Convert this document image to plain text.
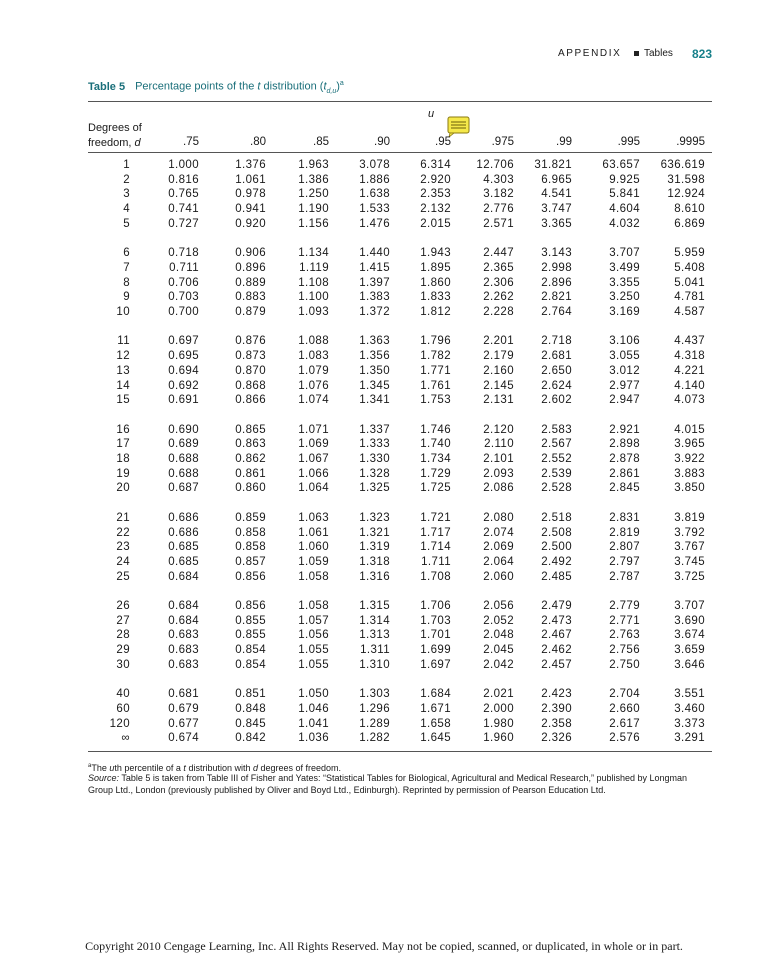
APPENDIX Tables 823
Table 5 Percentage points of the t distribution $(t_{d,u})^a$
u
Degrees of
freedom, d	.75	.80	.85	.90	.95	.975	.99	.995	.9995
1	1.000	1.376	1.963	3.078	6.314	12.706	31.821	63.657	636.619
2	0.816	1.061	1.386	1.886	2.920	4.303	6.965	9.925	31.598
3	0.765	0.978	1.250	1.638	2.353	3.182	4.541	5.841	12.924
4	0.741	0.941	1.190	1.533	2.132	2.776	3.747	4.604	8.610
5	0.727	0.920	1.156	1.476	2.015	2.571	3.365	4.032	6.869
6	0.718	0.906	1.134	1.440	1.943	2.447	3.143	3.707	5.959
7	0.711	0.896	1.119	1.415	1.895	2.365	2.998	3.499	5.408
8	0.706	0.889	1.108	1.397	1.860	2.306	2.896	3.355	5.041
9	0.703	0.883	1.100	1.383	1.833	2.262	2.821	3.250	4.781
10	0.700	0.879	1.093	1.372	1.812	2.228	2.764	3.169	4.587
11	0.697	0.876	1.088	1.363	1.796	2.201	2.718	3.106	4.437
12	0.695	0.873	1.083	1.356	1.782	2.179	2.681	3.055	4.318
13	0.694	0.870	1.079	1.350	1.771	2.160	2.650	3.012	4.221
14	0.692	0.868	1.076	1.345	1.761	2.145	2.624	2.977	4.140
15	0.691	0.866	1.074	1.341	1.753	2.131	2.602	2.947	4.073
16	0.690	0.865	1.071	1.337	1.746	2.120	2.583	2.921	4.015
17	0.689	0.863	1.069	1.333	1.740	2.110	2.567	2.898	3.965
18	0.688	0.862	1.067	1.330	1.734	2.101	2.552	2.878	3.922
19	0.688	0.861	1.066	1.328	1.729	2.093	2.539	2.861	3.883
20	0.687	0.860	1.064	1.325	1.725	2.086	2.528	2.845	3.850
21	0.686	0.859	1.063	1.323	1.721	2.080	2.518	2.831	3.819
22	0.686	0.858	1.061	1.321	1.717	2.074	2.508	2.819	3.792
23	0.685	0.858	1.060	1.319	1.714	2.069	2.500	2.807	3.767
24	0.685	0.857	1.059	1.318	1.711	2.064	2.492	2.797	3.745
25	0.684	0.856	1.058	1.316	1.708	2.060	2.485	2.787	3.725
26	0.684	0.856	1.058	1.315	1.706	2.056	2.479	2.779	3.707
27	0.684	0.855	1.057	1.314	1.703	2.052	2.473	2.771	3.690
28	0.683	0.855	1.056	1.313	1.701	2.048	2.467	2.763	3.674
29	0.683	0.854	1.055	1.311	1.699	2.045	2.462	2.756	3.659
30	0.683	0.854	1.055	1.310	1.697	2.042	2.457	2.750	3.646
40	0.681	0.851	1.050	1.303	1.684	2.021	2.423	2.704	3.551
60	0.679	0.848	1.046	1.296	1.671	2.000	2.390	2.660	3.460
120	0.677	0.845	1.041	1.289	1.658	1.980	2.358	2.617	3.373
∞	0.674	0.842	1.036	1.282	1.645	1.960	2.326	2.576	3.291
$^a$The uth percentile of a t distribution with d degrees of freedom.
Source: Table 5 is taken from Table III of Fisher and Yates: “Statistical Tables for Biological, Agricultural and Medical Research,” published by Longman Group Ltd., London (previously published by Oliver and Boyd Ltd., Edinburgh). Reprinted by permission of Pearson Education Ltd.
Copyright 2010 Cengage Learning, Inc. All Rights Reserved. May not be copied, scanned, or duplicated, in whole or in part.
